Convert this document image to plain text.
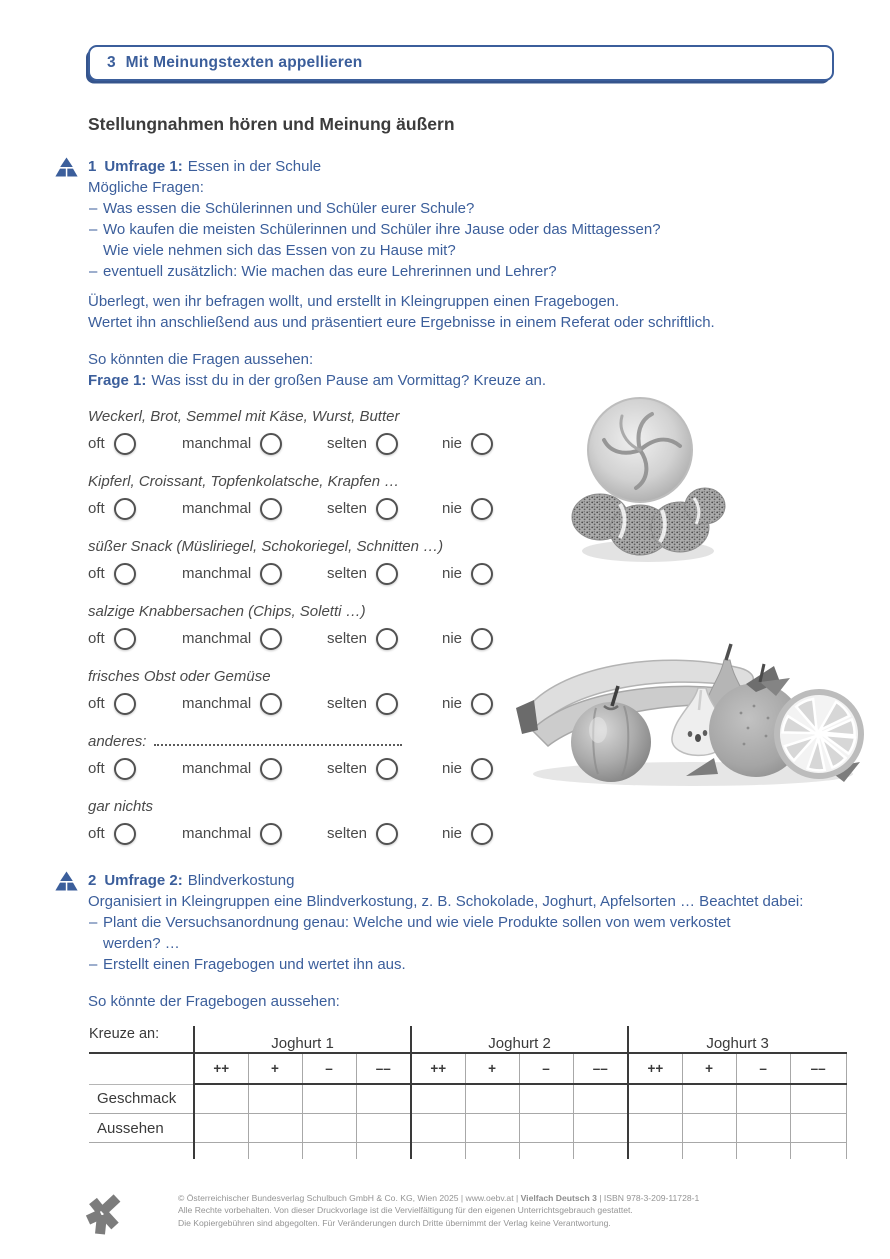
3 Mit Meinungstexten appellieren
Stellungnahmen hören und Meinung äußern
1 Umfrage 1: Essen in der Schule
Mögliche Fragen:
– Was essen die Schülerinnen und Schüler eurer Schule?
– Wo kaufen die meisten Schülerinnen und Schüler ihre Jause oder das Mittagessen?
Wie viele nehmen sich das Essen von zu Hause mit?
– eventuell zusätzlich: Wie machen das eure Lehrerinnen und Lehrer?
Überlegt, wen ihr befragen wollt, und erstellt in Kleingruppen einen Fragebogen.
Wertet ihn anschließend aus und präsentiert eure Ergebnisse in einem Referat oder schriftlich.
So könnten die Fragen aussehen:
Frage 1: Was isst du in der großen Pause am Vormittag? Kreuze an.
Weckerl, Brot, Semmel mit Käse, Wurst, Butter
oft	manchmal	selten	nie
Kipferl, Croissant, Topfenkolatsche, Krapfen …
oft	manchmal	selten	nie
süßer Snack (Müsliriegel, Schokoriegel, Schnitten …)
oft	manchmal	selten	nie
salzige Knabbersachen (Chips, Soletti …)
oft	manchmal	selten	nie
frisches Obst oder Gemüse
oft	manchmal	selten	nie
anderes:
oft	manchmal	selten	nie
gar nichts
oft	manchmal	selten	nie
2 Umfrage 2: Blindverkostung
Organisiert in Kleingruppen eine Blindverkostung, z. B. Schokolade, Joghurt, Apfelsorten … Beachtet dabei:
– Plant die Versuchsanordnung genau: Welche und wie viele Produkte sollen von wem verkostet
werden? …
– Erstellt einen Fragebogen und wertet ihn aus.
So könnte der Fragebogen aussehen:
Kreuze an:	Joghurt 1				Joghurt 2				Joghurt 3			
	++	+	–	––	++	+	–	––	++	+	–	––
Geschmack												
Aussehen												

© Österreichischer Bundesverlag Schulbuch GmbH & Co. KG, Wien 2025 | www.oebv.at | Vielfach Deutsch 3 | ISBN 978-3-209-11728-1
Alle Rechte vorbehalten. Von dieser Druckvorlage ist die Vervielfältigung für den eigenen Unterrichtsgebrauch gestattet.
Die Kopiergebühren sind abgegolten. Für Veränderungen durch Dritte übernimmt der Verlag keine Verantwortung.
